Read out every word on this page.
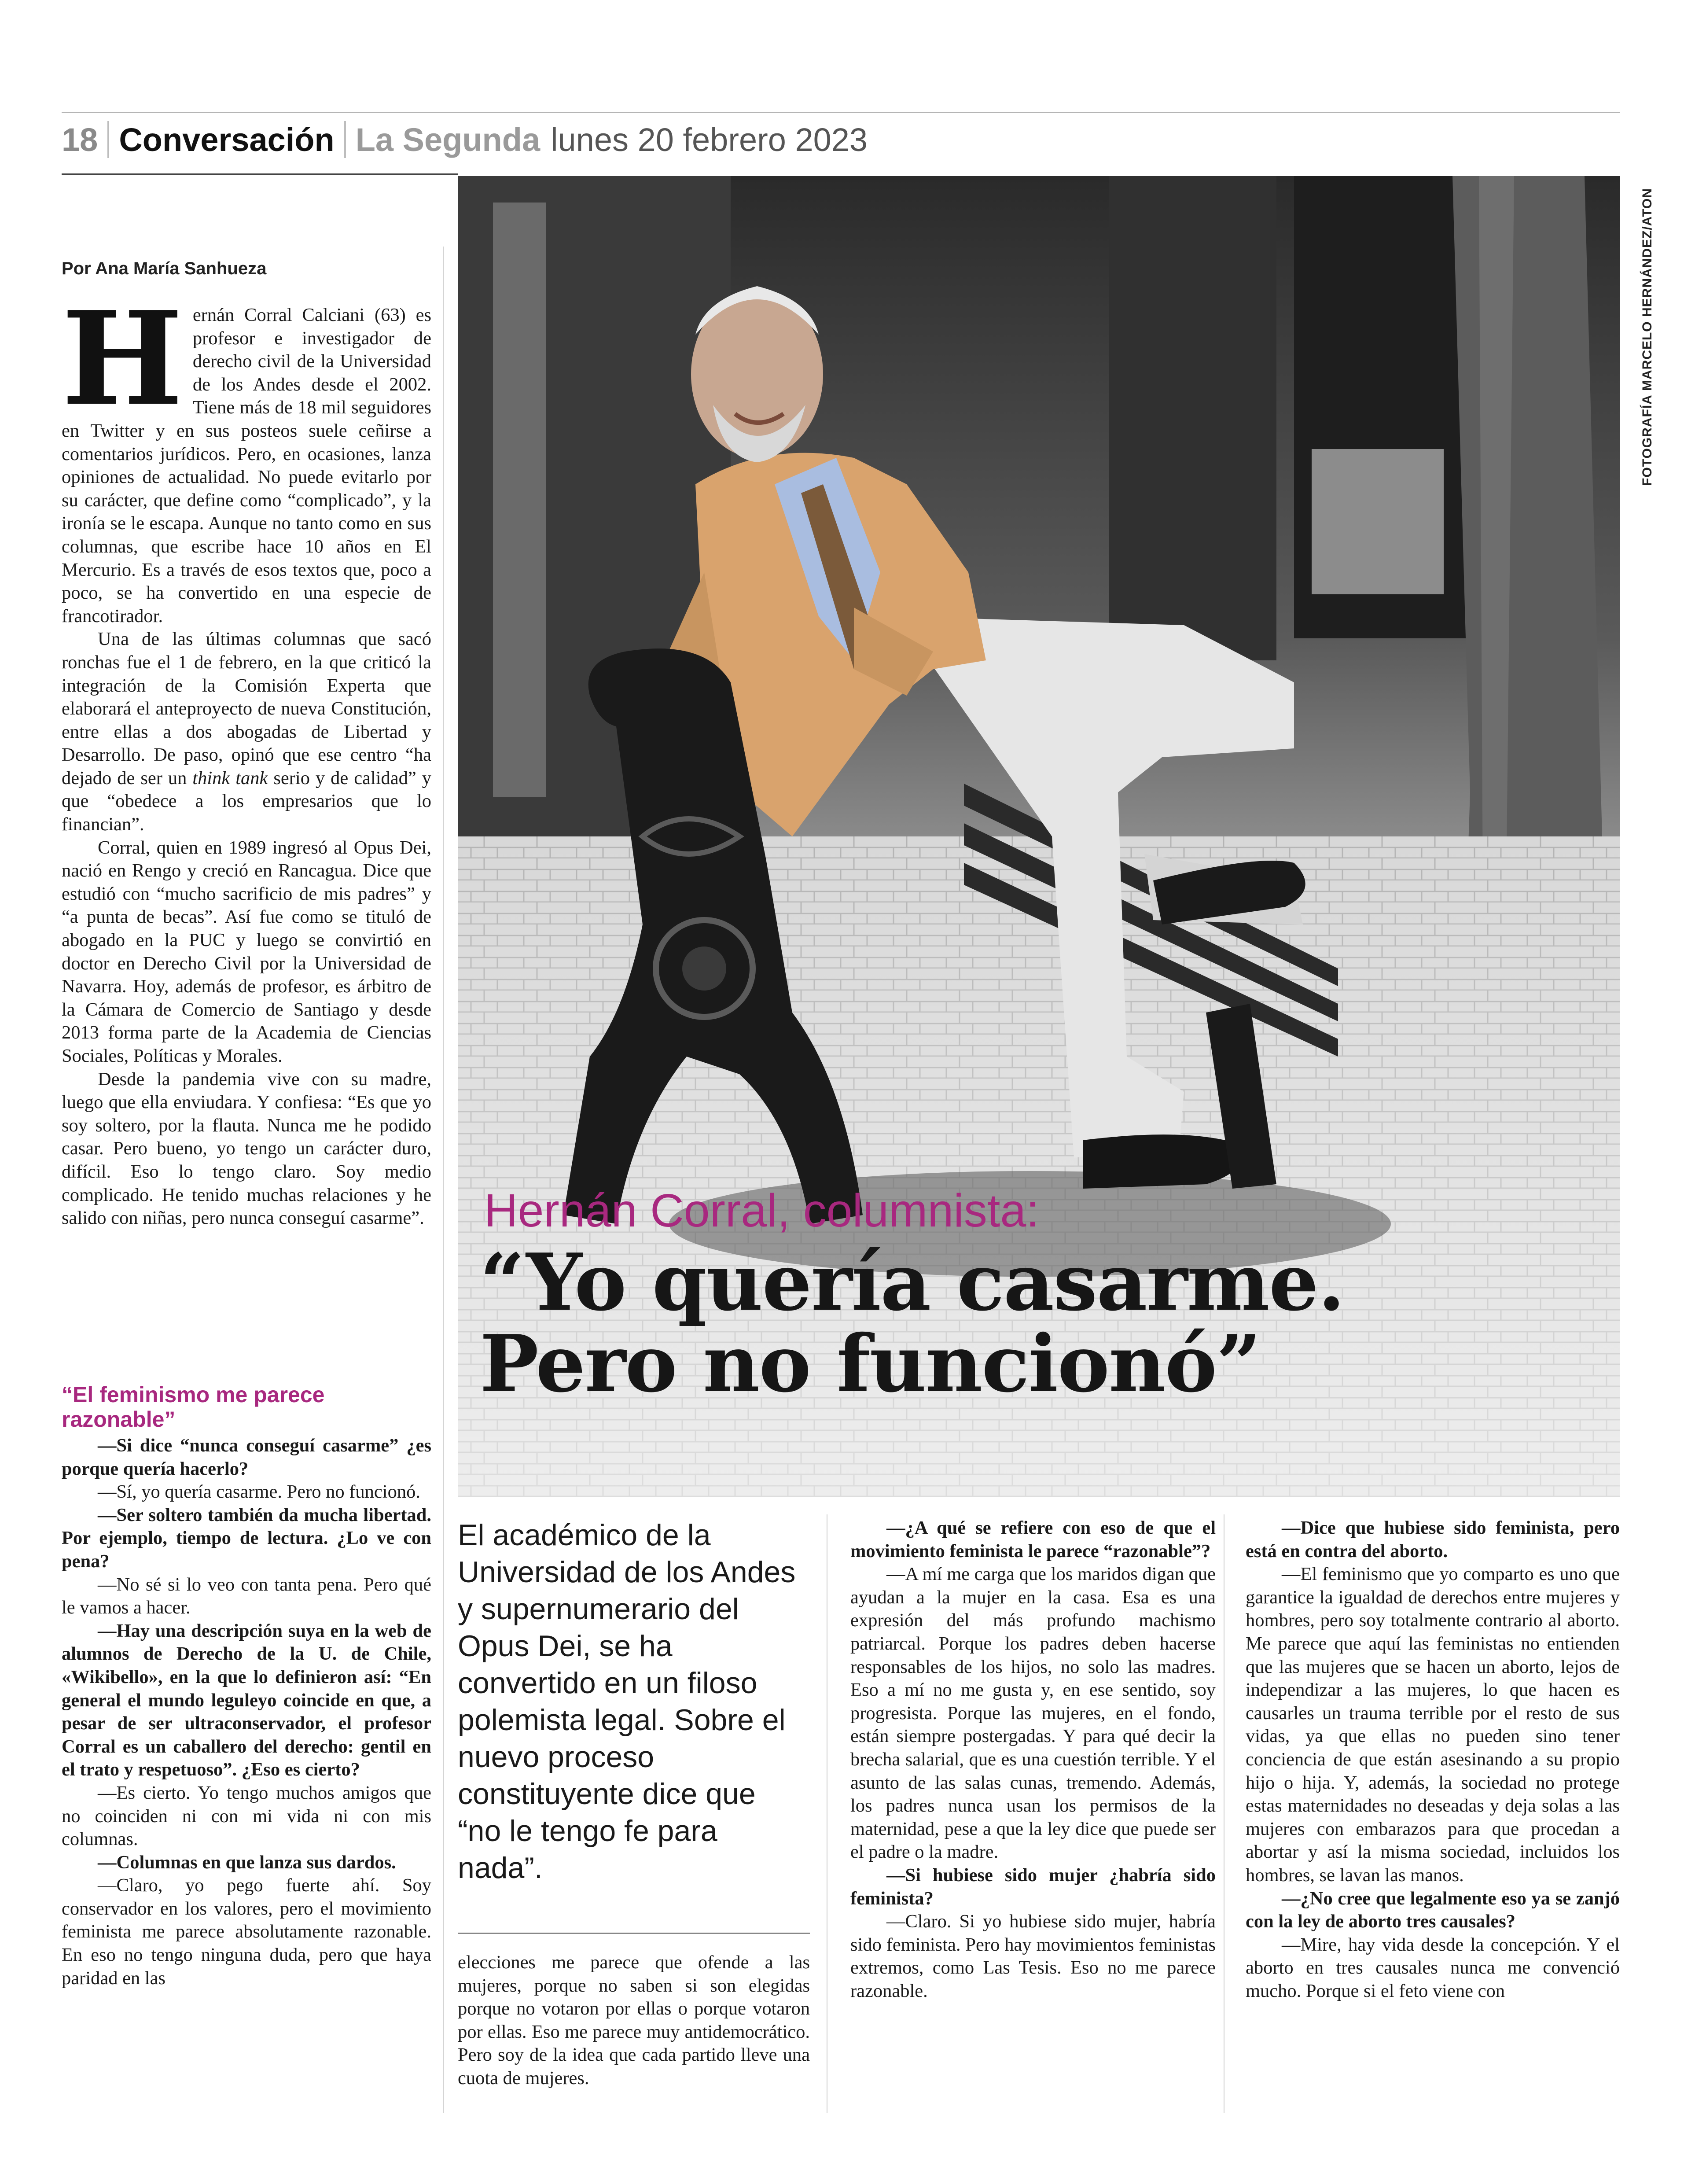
18 Conversación La Segunda lunes 20 febrero 2023
FOTOGRAFÍA MARCELO HERNÁNDEZ/ATON
Hernán Corral, columnista:
“Yo quería casarme.
Pero no funcionó”
Por Ana María Sanhueza

Hernán Corral Calciani (63) es profesor e investigador de derecho civil de la Universidad de los Andes desde el 2002. Tiene más de 18 mil seguidores en Twitter y en sus posteos suele ceñirse a comentarios jurídicos. Pero, en ocasiones, lanza opiniones de actualidad. No puede evitarlo por su carácter, que define como “complicado”, y la ironía se le escapa. Aunque no tanto como en sus columnas, que escribe hace 10 años en El Mercurio. Es a través de esos textos que, poco a poco, se ha convertido en una especie de francotirador.

Una de las últimas columnas que sacó ronchas fue el 1 de febrero, en la que criticó la integración de la Comisión Experta que elaborará el anteproyecto de nueva Constitución, entre ellas a dos abogadas de Libertad y Desarrollo. De paso, opinó que ese centro “ha dejado de ser un think tank serio y de calidad” y que “obedece a los empresarios que lo financian”.

Corral, quien en 1989 ingresó al Opus Dei, nació en Rengo y creció en Rancagua. Dice que estudió con “mucho sacrificio de mis padres” y “a punta de becas”. Así fue como se tituló de abogado en la PUC y luego se convirtió en doctor en Derecho Civil por la Universidad de Navarra. Hoy, además de profesor, es árbitro de la Cámara de Comercio de Santiago y desde 2013 forma parte de la Academia de Ciencias Sociales, Políticas y Morales.

Desde la pandemia vive con su madre, luego que ella enviudara. Y confiesa: “Es que yo soy soltero, por la flauta. Nunca me he podido casar. Pero bueno, yo tengo un carácter duro, difícil. Eso lo tengo claro. Soy medio complicado. He tenido muchas relaciones y he salido con niñas, pero nunca conseguí casarme”.

“El feminismo me parece razonable”

—Si dice “nunca conseguí casarme” ¿es porque quería hacerlo?

—Sí, yo quería casarme. Pero no funcionó.

—Ser soltero también da mucha libertad. Por ejemplo, tiempo de lectura. ¿Lo ve con pena?

—No sé si lo veo con tanta pena. Pero qué le vamos a hacer.

—Hay una descripción suya en la web de alumnos de Derecho de la U. de Chile, «Wikibello», en la que lo definieron así: “En general el mundo leguleyo coincide en que, a pesar de ser ultraconservador, el profesor Corral es un caballero del derecho: gentil en el trato y respetuoso”. ¿Eso es cierto?

—Es cierto. Yo tengo muchos amigos que no coinciden ni con mi vida ni con mis columnas.

—Columnas en que lanza sus dardos.

—Claro, yo pego fuerte ahí. Soy conservador en los valores, pero el movimiento feminista me parece absolutamente razonable. En eso no tengo ninguna duda, pero que haya paridad en las

El académico de la
Universidad de los Andes
y supernumerario del
Opus Dei, se ha
convertido en un filoso
polemista legal. Sobre el
nuevo proceso
constituyente dice que
“no le tengo fe para
nada”.

elecciones me parece que ofende a las mujeres, porque no saben si son elegidas porque no votaron por ellas o porque votaron por ellas. Eso me parece muy antidemocrático. Pero soy de la idea que cada partido lleve una cuota de mujeres.

—¿A qué se refiere con eso de que el movimiento feminista le parece “razonable”?

—A mí me carga que los maridos digan que ayudan a la mujer en la casa. Esa es una expresión del más profundo machismo patriarcal. Porque los padres deben hacerse responsables de los hijos, no solo las madres. Eso a mí no me gusta y, en ese sentido, soy progresista. Porque las mujeres, en el fondo, están siempre postergadas. Y para qué decir la brecha salarial, que es una cuestión terrible. Y el asunto de las salas cunas, tremendo. Además, los padres nunca usan los permisos de la maternidad, pese a que la ley dice que puede ser el padre o la madre.

—Si hubiese sido mujer ¿habría sido feminista?

—Claro. Si yo hubiese sido mujer, habría sido feminista. Pero hay movimientos feministas extremos, como Las Tesis. Eso no me parece razonable.

—Dice que hubiese sido feminista, pero está en contra del aborto.

—El feminismo que yo comparto es uno que garantice la igualdad de derechos entre mujeres y hombres, pero soy totalmente contrario al aborto. Me parece que aquí las feministas no entienden que las mujeres que se hacen un aborto, lejos de independizar a las mujeres, lo que hacen es causarles un trauma terrible por el resto de sus vidas, ya que ellas no pueden sino tener conciencia de que están asesinando a su propio hijo o hija. Y, además, la sociedad no protege estas maternidades no deseadas y deja solas a las mujeres con embarazos para que procedan a abortar y así la misma sociedad, incluidos los hombres, se lavan las manos.

—¿No cree que legalmente eso ya se zanjó con la ley de aborto tres causales?

—Mire, hay vida desde la concepción. Y el aborto en tres causales nunca me convenció mucho. Porque si el feto viene con
